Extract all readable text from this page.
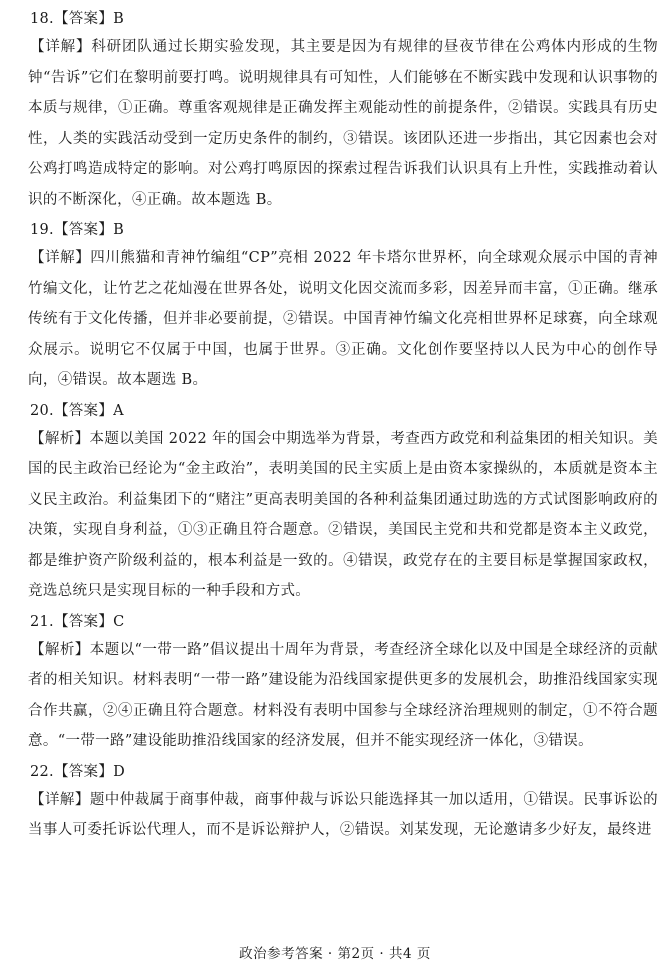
18.【答案】B
【详解】科研团队通过长期实验发现，其主要是因为有规律的昼夜节律在公鸡体内形成的生物钟“告诉”它们在黎明前要打鸣。说明规律具有可知性，人们能够在不断实践中发现和认识事物的本质与规律，①正确。尊重客观规律是正确发挥主观能动性的前提条件，②错误。实践具有历史性，人类的实践活动受到一定历史条件的制约，③错误。该团队还进一步指出，其它因素也会对公鸡打鸣造成特定的影响。对公鸡打鸣原因的探索过程告诉我们认识具有上升性，实践推动着认识的不断深化，④正确。故本题选 B。
19.【答案】B
【详解】四川熊猫和青神竹编组“CP”亮相 2022 年卡塔尔世界杯，向全球观众展示中国的青神竹编文化，让竹艺之花灿漫在世界各处，说明文化因交流而多彩，因差异而丰富，①正确。继承传统有于文化传播，但并非必要前提，②错误。中国青神竹编文化亮相世界杯足球赛，向全球观众展示。说明它不仅属于中国，也属于世界。③正确。文化创作要坚持以人民为中心的创作导向，④错误。故本题选 B。
20.【答案】A
【解析】本题以美国 2022 年的国会中期选举为背景，考查西方政党和利益集团的相关知识。美国的民主政治已经论为“金主政治”，表明美国的民主实质上是由资本家操纵的，本质就是资本主义民主政治。利益集团下的“赌注”更高表明美国的各种利益集团通过助选的方式试图影响政府的决策，实现自身利益，①③正确且符合题意。②错误，美国民主党和共和党都是资本主义政党，都是维护资产阶级利益的，根本利益是一致的。④错误，政党存在的主要目标是掌握国家政权，竞选总统只是实现目标的一种手段和方式。
21.【答案】C
【解析】本题以“一带一路”倡议提出十周年为背景，考查经济全球化以及中国是全球经济的贡献者的相关知识。材料表明“一带一路”建设能为沿线国家提供更多的发展机会，助推沿线国家实现合作共赢，②④正确且符合题意。材料没有表明中国参与全球经济治理规则的制定，①不符合题意。“一带一路”建设能助推沿线国家的经济发展，但并不能实现经济一体化，③错误。
22.【答案】D
【详解】题中仲裁属于商事仲裁，商事仲裁与诉讼只能选择其一加以适用，①错误。民事诉讼的当事人可委托诉讼代理人，而不是诉讼辩护人，②错误。刘某发现，无论邀请多少好友，最终进
政治参考答案 · 第2页 · 共4 页
